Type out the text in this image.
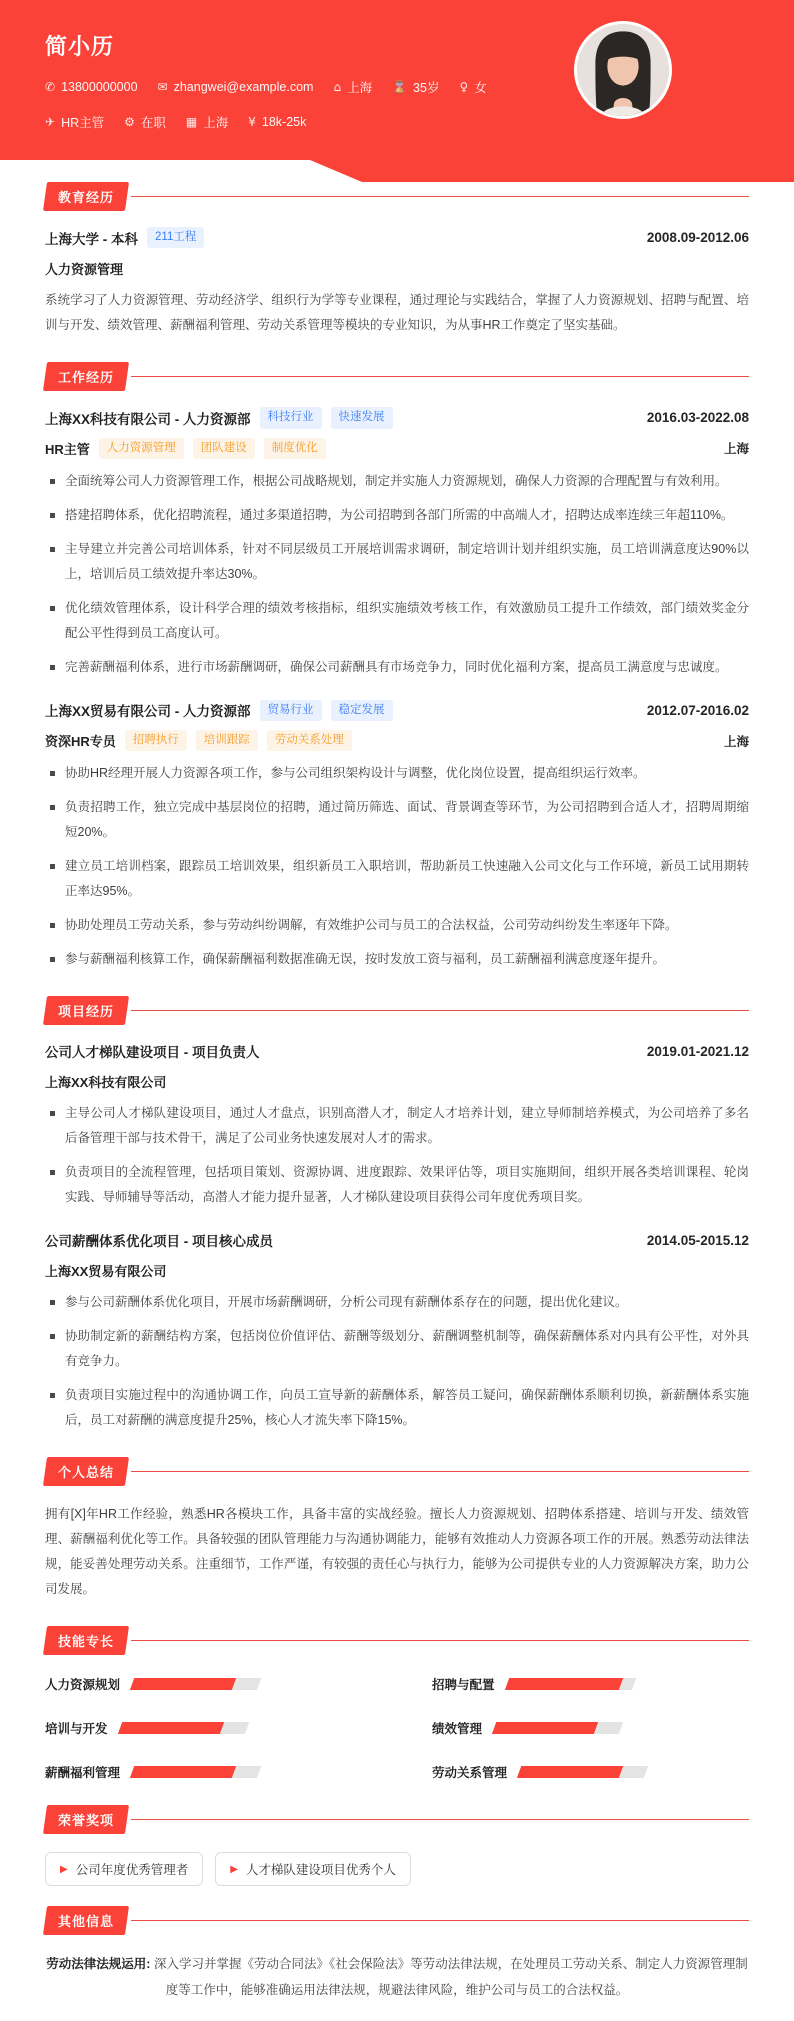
简小历
✆ 13800000000 ✉ zhangwei@example.com ⌂ 上海 ⌛ 35岁 ♀ 女
✈ HR主管 ⚙ 在职 ▦ 上海 ¥ 18k-25k
教育经历
上海大学 - 本科	211工程	2008.09-2012.06
人力资源管理

系统学习了人力资源管理、劳动经济学、组织行为学等专业课程，通过理论与实践结合，掌握了人力资源规划、招聘与配置、培训与开发、绩效管理、薪酬福利管理、劳动关系管理等模块的专业知识，为从事HR工作奠定了坚实基础。

工作经历
上海XX科技有限公司 - 人力资源部	科技行业	快速发展	2016.03-2022.08
HR主管	人力资源管理	团队建设	制度优化	上海
全面统筹公司人力资源管理工作，根据公司战略规划，制定并实施人力资源规划，确保人力资源的合理配置与有效利用。
搭建招聘体系，优化招聘流程，通过多渠道招聘，为公司招聘到各部门所需的中高端人才，招聘达成率连续三年超110%。
主导建立并完善公司培训体系，针对不同层级员工开展培训需求调研，制定培训计划并组织实施，员工培训满意度达90%以上，培训后员工绩效提升率达30%。
优化绩效管理体系，设计科学合理的绩效考核指标，组织实施绩效考核工作，有效激励员工提升工作绩效，部门绩效奖金分配公平性得到员工高度认可。
完善薪酬福利体系，进行市场薪酬调研，确保公司薪酬具有市场竞争力，同时优化福利方案，提高员工满意度与忠诚度。
上海XX贸易有限公司 - 人力资源部	贸易行业	稳定发展	2012.07-2016.02
资深HR专员	招聘执行	培训跟踪	劳动关系处理	上海
协助HR经理开展人力资源各项工作，参与公司组织架构设计与调整，优化岗位设置，提高组织运行效率。
负责招聘工作，独立完成中基层岗位的招聘，通过简历筛选、面试、背景调查等环节，为公司招聘到合适人才，招聘周期缩短20%。
建立员工培训档案，跟踪员工培训效果，组织新员工入职培训，帮助新员工快速融入公司文化与工作环境，新员工试用期转正率达95%。
协助处理员工劳动关系，参与劳动纠纷调解，有效维护公司与员工的合法权益，公司劳动纠纷发生率逐年下降。
参与薪酬福利核算工作，确保薪酬福利数据准确无误，按时发放工资与福利，员工薪酬福利满意度逐年提升。
项目经历
公司人才梯队建设项目 - 项目负责人	2019.01-2021.12
上海XX科技有限公司
主导公司人才梯队建设项目，通过人才盘点，识别高潜人才，制定人才培养计划，建立导师制培养模式，为公司培养了多名后备管理干部与技术骨干，满足了公司业务快速发展对人才的需求。
负责项目的全流程管理，包括项目策划、资源协调、进度跟踪、效果评估等，项目实施期间，组织开展各类培训课程、轮岗实践、导师辅导等活动，高潜人才能力提升显著，人才梯队建设项目获得公司年度优秀项目奖。
公司薪酬体系优化项目 - 项目核心成员	2014.05-2015.12
上海XX贸易有限公司
参与公司薪酬体系优化项目，开展市场薪酬调研，分析公司现有薪酬体系存在的问题，提出优化建议。
协助制定新的薪酬结构方案，包括岗位价值评估、薪酬等级划分、薪酬调整机制等，确保薪酬体系对内具有公平性，对外具有竞争力。
负责项目实施过程中的沟通协调工作，向员工宣导新的薪酬体系，解答员工疑问，确保薪酬体系顺利切换，新薪酬体系实施后，员工对薪酬的满意度提升25%，核心人才流失率下降15%。
个人总结

拥有[X]年HR工作经验，熟悉HR各模块工作，具备丰富的实战经验。擅长人力资源规划、招聘体系搭建、培训与开发、绩效管理、薪酬福利优化等工作。具备较强的团队管理能力与沟通协调能力，能够有效推动人力资源各项工作的开展。熟悉劳动法律法规，能妥善处理劳动关系。注重细节，工作严谨，有较强的责任心与执行力，能够为公司提供专业的人力资源解决方案，助力公司发展。

技能专长
人力资源规划	招聘与配置
培训与开发	绩效管理
薪酬福利管理	劳动关系管理
荣誉奖项
▶ 公司年度优秀管理者	▶ 人才梯队建设项目优秀个人
其他信息

劳动法律法规运用: 深入学习并掌握《劳动合同法》《社会保险法》等劳动法律法规，在处理员工劳动关系、制定人力资源管理制度等工作中，能够准确运用法律法规，规避法律风险，维护公司与员工的合法权益。
